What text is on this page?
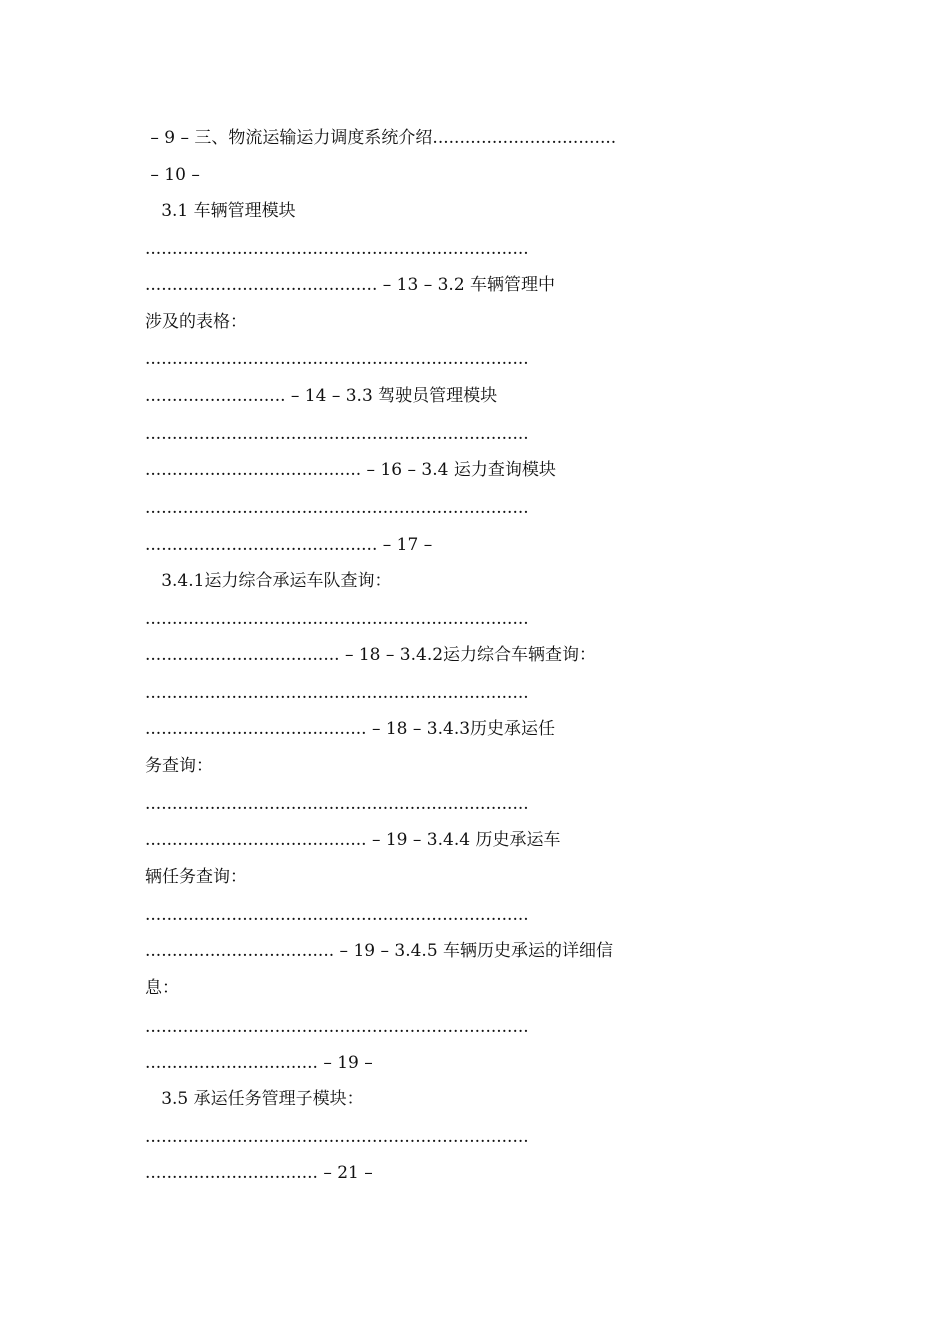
– 9 – 三、物流运输运力调度系统介绍..................................
– 10 –
3.1 车辆管理模块
.......................................................................
........................................... – 13 – 3.2 车辆管理中
涉及的表格：
.......................................................................
.......................... – 14 – 3.3 驾驶员管理模块
.......................................................................
........................................ – 16 – 3.4 运力查询模块
.......................................................................
........................................... – 17 –
3.4.1运力综合承运车队查询：
.......................................................................
.................................... – 18 – 3.4.2运力综合车辆查询：
.......................................................................
......................................... – 18 – 3.4.3历史承运任
务查询：
.......................................................................
......................................... – 19 – 3.4.4 历史承运车
辆任务查询：
.......................................................................
................................... – 19 – 3.4.5 车辆历史承运的详细信
息：
.......................................................................
................................ – 19 –
3.5 承运任务管理子模块：
.......................................................................
................................ – 21 –
